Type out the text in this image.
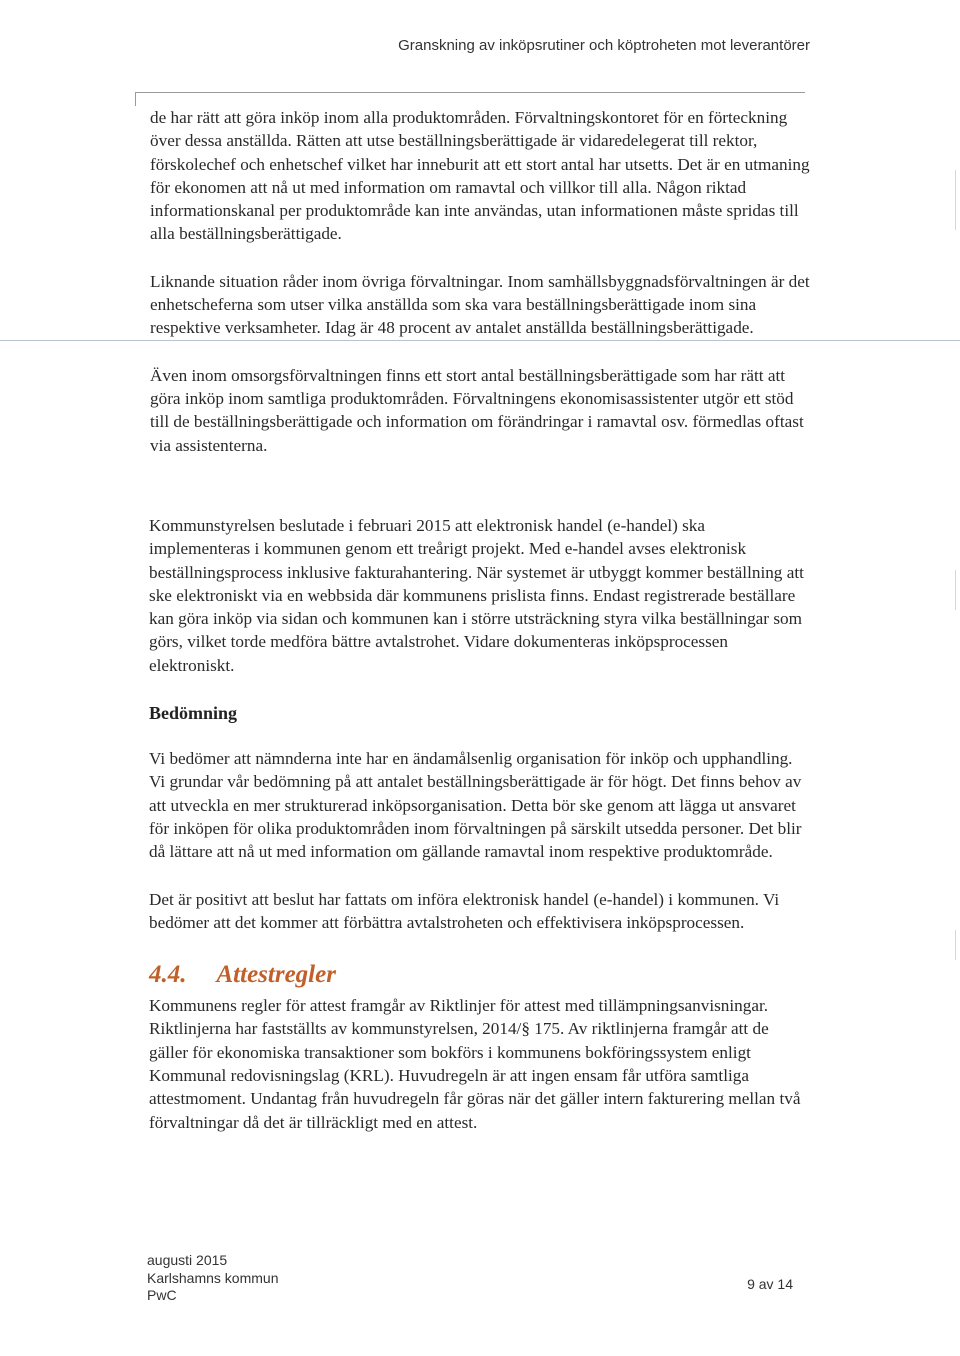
Granskning av inköpsrutiner och köptroheten mot leverantörer

de har rätt att göra inköp inom alla produktområden. Förvaltningskontoret för en förteckning över dessa anställda. Rätten att utse beställningsberättigade är vidaredelegerat till rektor, förskolechef och enhetschef vilket har inneburit att ett stort antal har utsetts. Det är en utmaning för ekonomen att nå ut med information om ramavtal och villkor till alla. Någon riktad informationskanal per produktområde kan inte användas, utan informationen måste spridas till alla beställningsberättigade.

Liknande situation råder inom övriga förvaltningar. Inom samhällsbyggnadsförvaltningen är det enhetscheferna som utser vilka anställda som ska vara beställningsberättigade inom sina respektive verksamheter. Idag är 48 procent av antalet anställda beställningsberättigade.

Även inom omsorgsförvaltningen finns ett stort antal beställningsberättigade som har rätt att göra inköp inom samtliga produktområden. Förvaltningens ekonomisassistenter utgör ett stöd till de beställningsberättigade och information om förändringar i ramavtal osv. förmedlas oftast via assistenterna.

Kommunstyrelsen beslutade i februari 2015 att elektronisk handel (e-handel) ska implementeras i kommunen genom ett treårigt projekt. Med e-handel avses elektronisk beställningsprocess inklusive fakturahantering. När systemet är utbyggt kommer beställning att ske elektroniskt via en webbsida där kommunens prislista finns. Endast registrerade beställare kan göra inköp via sidan och kommunen kan i större utsträckning styra vilka beställningar som görs, vilket torde medföra bättre avtalstrohet. Vidare dokumenteras inköpsprocessen elektroniskt.

Bedömning

Vi bedömer att nämnderna inte har en ändamålsenlig organisation för inköp och upphandling. Vi grundar vår bedömning på att antalet beställningsberättigade är för högt. Det finns behov av att utveckla en mer strukturerad inköpsorganisation. Detta bör ske genom att lägga ut ansvaret för inköpen för olika produktområden inom förvaltningen på särskilt utsedda personer. Det blir då lättare att nå ut med information om gällande ramavtal inom respektive produktområde.

Det är positivt att beslut har fattats om införa elektronisk handel (e-handel) i kommunen. Vi bedömer att det kommer att förbättra avtalstroheten och effektivisera inköpsprocessen.

4.4. Attestregler

Kommunens regler för attest framgår av Riktlinjer för attest med tillämpningsanvisningar. Riktlinjerna har fastställts av kommunstyrelsen, 2014/§ 175. Av riktlinjerna framgår att de gäller för ekonomiska transaktioner som bokförs i kommunens bokföringssystem enligt Kommunal redovisningslag (KRL). Huvudregeln är att ingen ensam får utföra samtliga attestmoment. Undantag från huvudregeln får göras när det gäller intern fakturering mellan två förvaltningar då det är tillräckligt med en attest.

augusti 2015
Karlshamns kommun
PwC
9 av 14
